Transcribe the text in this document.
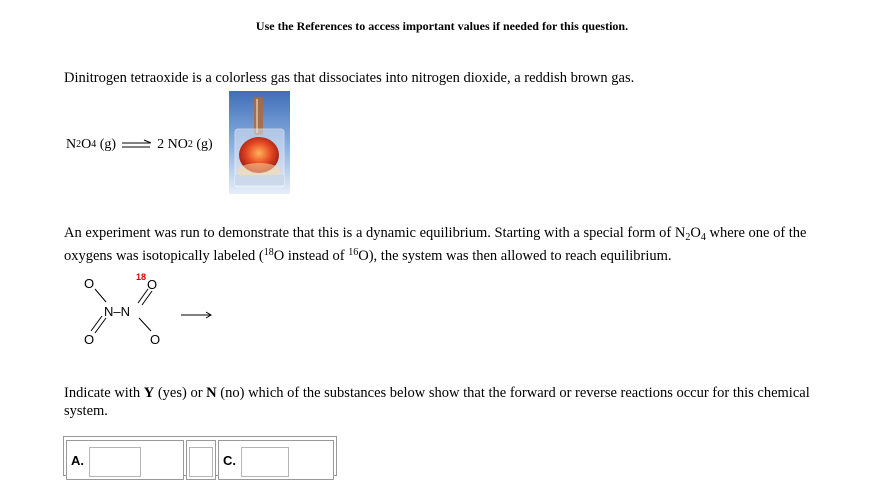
Use the References to access important values if needed for this question.
Dinitrogen tetraoxide is a colorless gas that dissociates into nitrogen dioxide, a reddish brown gas.
N 2 O 4 (g) 2 NO 2 (g)
An experiment was run to demonstrate that this is a dynamic equilibrium. Starting with a special form of $N_2O_4$ where one of the oxygens was isotopically labeled ($^{18}$O instead of $^{16}$O), the system was then allowed to reach equilibrium.
O	O
18
N–N
O	O
Indicate with Y (yes) or N (no) which of the substances below show that the forward or reverse reactions occur for this chemical system.
A.	C.
